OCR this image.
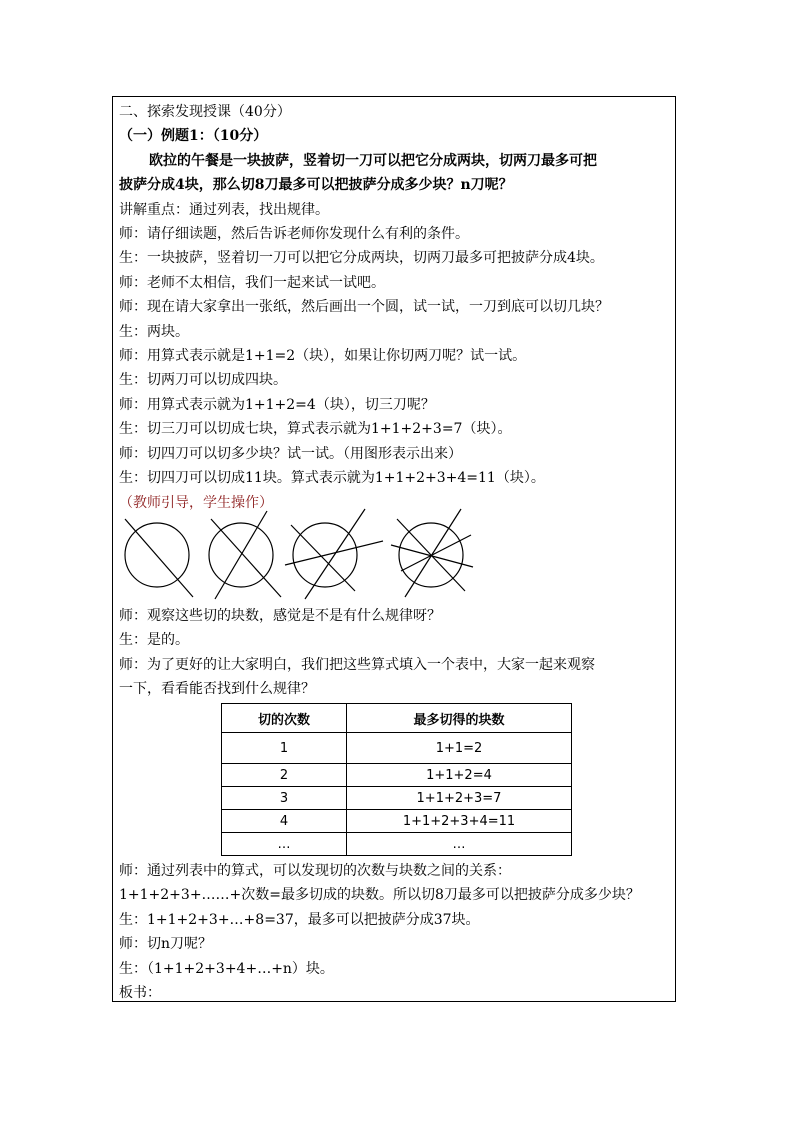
二、探索发现授课（40分）
（一）例题1：（10分）
欧拉的午餐是一块披萨，竖着切一刀可以把它分成两块，切两刀最多可把
披萨分成4块，那么切8刀最多可以把披萨分成多少块？n刀呢？
讲解重点：通过列表，找出规律。
师：请仔细读题，然后告诉老师你发现什么有利的条件。
生：一块披萨，竖着切一刀可以把它分成两块，切两刀最多可把披萨分成4块。
师：老师不太相信，我们一起来试一试吧。
师：现在请大家拿出一张纸，然后画出一个圆，试一试，一刀到底可以切几块？
生：两块。
师：用算式表示就是1+1=2（块），如果让你切两刀呢？试一试。
生：切两刀可以切成四块。
师：用算式表示就为1+1+2=4（块），切三刀呢？
生：切三刀可以切成七块，算式表示就为1+1+2+3=7（块）。
师：切四刀可以切多少块？试一试。（用图形表示出来）
生：切四刀可以切成11块。算式表示就为1+1+2+3+4=11（块）。
（教师引导，学生操作）
师：观察这些切的块数，感觉是不是有什么规律呀？
生：是的。
师：为了更好的让大家明白，我们把这些算式填入一个表中，大家一起来观察
一下，看看能否找到什么规律？
切的次数	最多切得的块数
1	1+1=2
2	1+1+2=4
3	1+1+2+3=7
4	1+1+2+3+4=11
…	…
师：通过列表中的算式，可以发现切的次数与块数之间的关系：
1+1+2+3+……+次数=最多切成的块数。所以切8刀最多可以把披萨分成多少块？
生：1+1+2+3+…+8=37，最多可以把披萨分成37块。
师：切n刀呢？
生：（1+1+2+3+4+…+n）块。
板书：
